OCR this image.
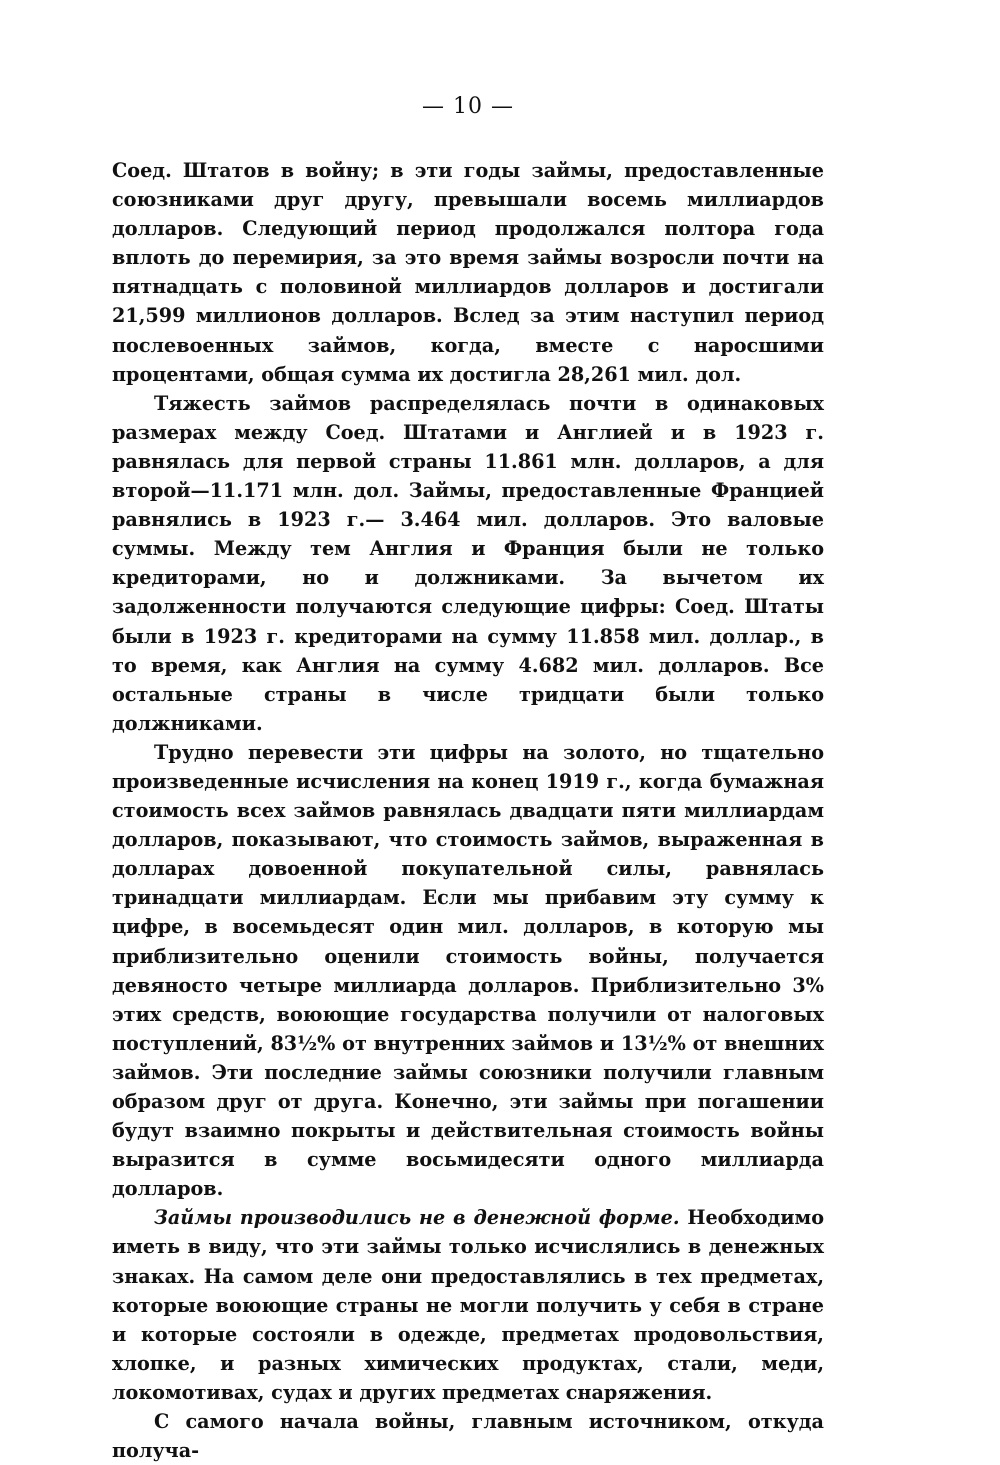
— 10 —

Соед. Штатов в войну; в эти годы займы, предоставленные союзниками друг другу, превышали восемь миллиардов долларов. Следующий период продолжался полтора года вплоть до перемирия, за это время займы возросли почти на пятнадцать с половиной миллиардов долларов и достигали 21,599 миллионов долларов. Вслед за этим наступил период послевоенных займов, когда, вместе с наросшими процентами, общая сумма их достигла 28,261 мил. дол.

Тяжесть займов распределялась почти в одинаковых размерах между Соед. Штатами и Англией и в 1923 г. равнялась для первой страны 11.861 млн. долларов, а для второй—11.171 млн. дол. Займы, предоставленные Францией равнялись в 1923 г.— 3.464 мил. долларов. Это валовые суммы. Между тем Англия и Франция были не только кредиторами, но и должниками. За вычетом их задолженности получаются следующие цифры: Соед. Штаты были в 1923 г. кредиторами на сумму 11.858 мил. доллар., в то время, как Англия на сумму 4.682 мил. долларов. Все остальные страны в числе тридцати были только должниками.

Трудно перевести эти цифры на золото, но тщательно произведенные исчисления на конец 1919 г., когда бумажная стоимость всех займов равнялась двадцати пяти миллиардам долларов, показывают, что стоимость займов, выраженная в долларах довоенной покупательной силы, равнялась тринадцати миллиардам. Если мы прибавим эту сумму к цифре, в восемьдесят один мил. долларов, в которую мы приблизительно оценили стоимость войны, получается девяносто четыре миллиарда долларов. Приблизительно 3% этих средств, воюющие государства получили от налоговых поступлений, 83½% от внутренних займов и 13½% от внешних займов. Эти последние займы союзники получили главным образом друг от друга. Конечно, эти займы при погашении будут взаимно покрыты и действительная стоимость войны выразится в сумме восьмидесяти одного миллиарда долларов.

Займы производились не в денежной форме. Необходимо иметь в виду, что эти займы только исчислялись в денежных знаках. На самом деле они предоставлялись в тех предметах, которые воюющие страны не могли получить у себя в стране и которые состояли в одежде, предметах продовольствия, хлопке, и разных химических продуктах, стали, меди, локомотивах, судах и других предметах снаряжения.

С самого начала войны, главным источником, откуда получа-
